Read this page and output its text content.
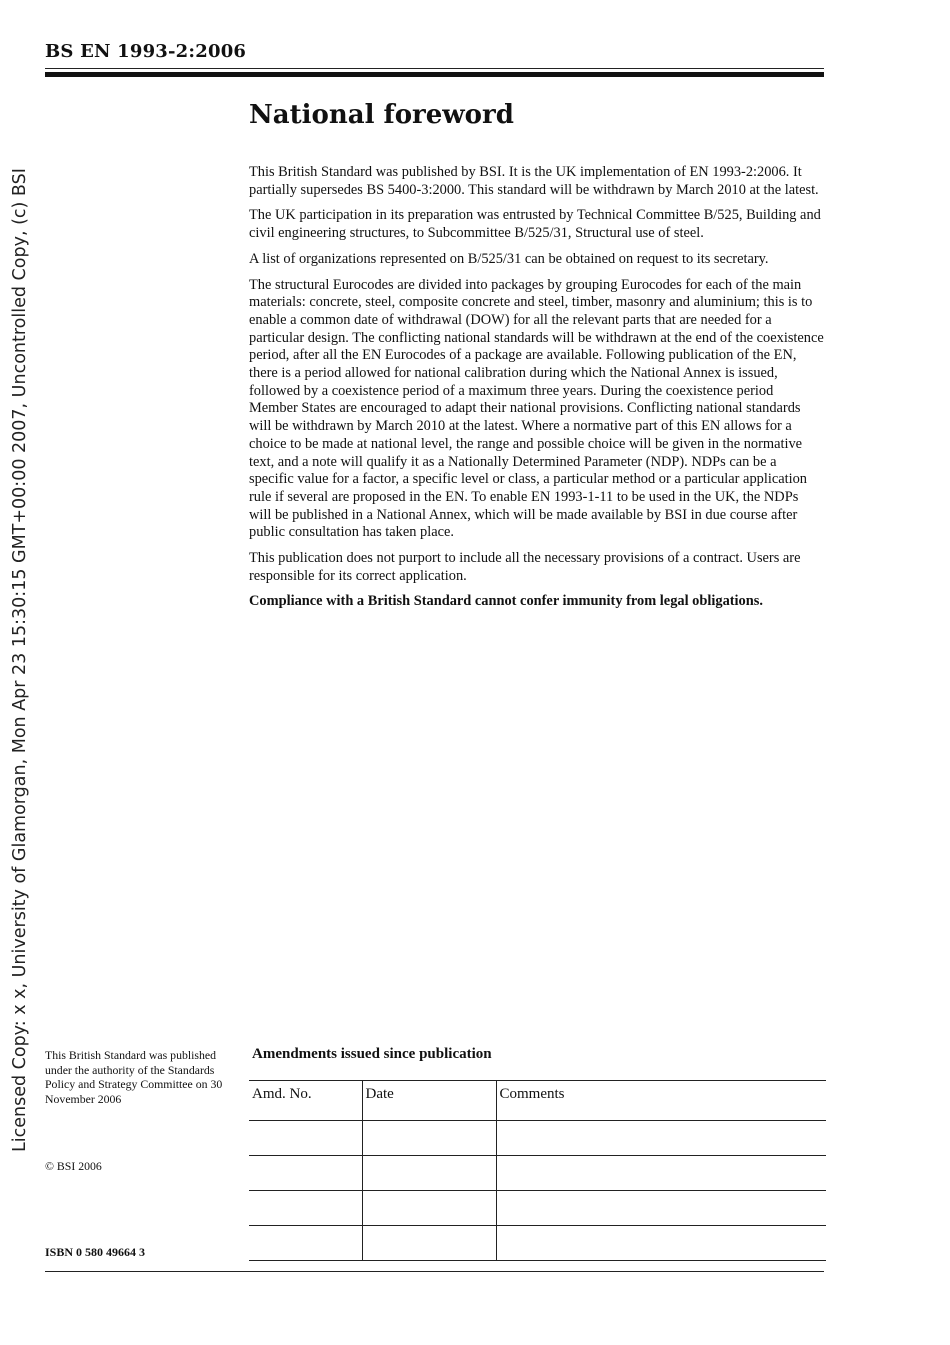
BS EN 1993-2:2006
Licensed Copy: x x, University of Glamorgan, Mon Apr 23 15:30:15 GMT+00:00 2007, Uncontrolled Copy, (c) BSI
National foreword

This British Standard was published by BSI. It is the UK implementation of EN 1993-2:2006. It partially supersedes BS 5400-3:2000. This standard will be withdrawn by March 2010 at the latest.

The UK participation in its preparation was entrusted by Technical Committee B/525, Building and civil engineering structures, to Subcommittee B/525/31, Structural use of steel.

A list of organizations represented on B/525/31 can be obtained on request to its secretary.

The structural Eurocodes are divided into packages by grouping Eurocodes for each of the main materials: concrete, steel, composite concrete and steel, timber, masonry and aluminium; this is to enable a common date of withdrawal (DOW) for all the relevant parts that are needed for a particular design. The conflicting national standards will be withdrawn at the end of the coexistence period, after all the EN Eurocodes of a package are available. Following publication of the EN, there is a period allowed for national calibration during which the National Annex is issued, followed by a coexistence period of a maximum three years. During the coexistence period Member States are encouraged to adapt their national provisions. Conflicting national standards will be withdrawn by March 2010 at the latest. Where a normative part of this EN allows for a choice to be made at national level, the range and possible choice will be given in the normative text, and a note will qualify it as a Nationally Determined Parameter (NDP). NDPs can be a specific value for a factor, a specific level or class, a particular method or a particular application rule if several are proposed in the EN. To enable EN 1993-1-11 to be used in the UK, the NDPs will be published in a National Annex, which will be made available by BSI in due course after public consultation has taken place.

This publication does not purport to include all the necessary provisions of a contract. Users are responsible for its correct application.

Compliance with a British Standard cannot confer immunity from legal obligations.

This British Standard was published under the authority of the Standards Policy and Strategy Committee on 30 November 2006
© BSI 2006
Amendments issued since publication
Amd. No.	Date	Comments

ISBN 0 580 49664 3
